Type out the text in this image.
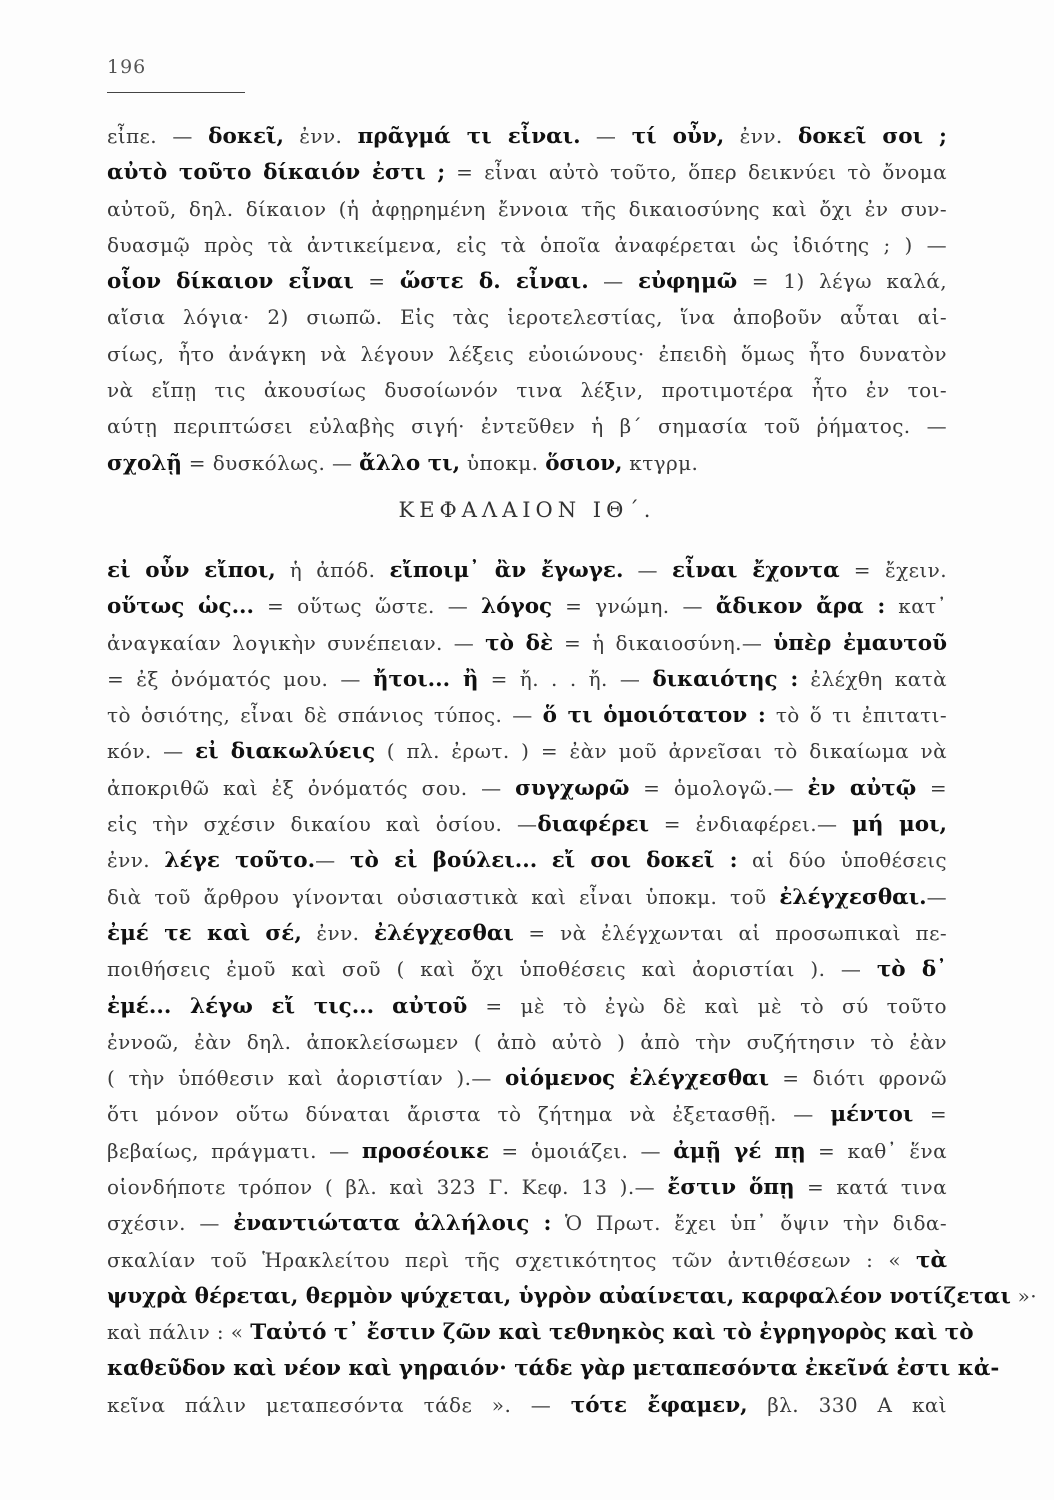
196
εἶπε. — δοκεῖ, ἐνν. πρᾶγμά τι εἶναι. — τί οὖν, ἐνν. δοκεῖ σοι ;
αὐτὸ τοῦτο δίκαιόν ἐστι ; = εἶναι αὐτὸ τοῦτο, ὅπερ δεικνύει τὸ ὄνομα
αὐτοῦ, δηλ. δίκαιον (ἡ ἀφῃρημένη ἔννοια τῆς δικαιοσύνης καὶ ὄχι ἐν συν-
δυασμῷ πρὸς τὰ ἀντικείμενα, εἰς τὰ ὁποῖα ἀναφέρεται ὡς ἰδιότης ; ) —
οἷον δίκαιον εἶναι = ὥστε δ. εἶναι. — εὐφημῶ = 1) λέγω καλά,
αἴσια λόγια· 2) σιωπῶ. Εἰς τὰς ἱεροτελεστίας, ἵνα ἀποβοῦν αὗται αἰ-
σίως, ἦτο ἀνάγκη νὰ λέγουν λέξεις εὐοιώνους· ἐπειδὴ ὅμως ἦτο δυνατὸν
νὰ εἴπῃ τις ἀκουσίως δυσοίωνόν τινα λέξιν, προτιμοτέρα ἦτο ἐν τοι-
αύτῃ περιπτώσει εὐλαβὴς σιγή· ἐντεῦθεν ἡ β´ σημασία τοῦ ῥήματος. —
σχολῇ = δυσκόλως. — ἄλλο τι, ὑποκμ. ὅσιον, κτγρμ.
ΚΕΦΑΛΑΙΟΝ ΙΘ´.
εἰ οὖν εἴποι, ἡ ἀπόδ. εἴποιμ᾽ ἂν ἔγωγε. — εἶναι ἔχοντα = ἔχειν.
οὕτως ὡς... = οὕτως ὥστε. — λόγος = γνώμη. — ἄδικον ἄρα : κατ᾽
ἀναγκαίαν λογικὴν συνέπειαν. — τὸ δὲ = ἡ δικαιοσύνη.— ὑπὲρ ἐμαυτοῦ
= ἐξ ὀνόματός μου. — ἤτοι... ἢ = ἤ. . . ἤ. — δικαιότης : ἐλέχθη κατὰ
τὸ ὁσιότης, εἶναι δὲ σπάνιος τύπος. — ὅ τι ὁμοιότατον : τὸ ὅ τι ἐπιτατι-
κόν. — εἰ διακωλύεις ( πλ. ἐρωτ. ) = ἐὰν μοῦ ἀρνεῖσαι τὸ δικαίωμα νὰ
ἀποκριθῶ καὶ ἐξ ὀνόματός σου. — συγχωρῶ = ὁμολογῶ.— ἐν αὐτῷ =
εἰς τὴν σχέσιν δικαίου καὶ ὁσίου. —διαφέρει = ἐνδιαφέρει.— μή μοι,
ἐνν. λέγε τοῦτο.— τὸ εἰ βούλει... εἴ σοι δοκεῖ : αἱ δύο ὑποθέσεις
διὰ τοῦ ἄρθρου γίνονται οὐσιαστικὰ καὶ εἶναι ὑποκμ. τοῦ ἐλέγχεσθαι.—
ἐμέ τε καὶ σέ, ἐνν. ἐλέγχεσθαι = νὰ ἐλέγχωνται αἱ προσωπικαὶ πε-
ποιθήσεις ἐμοῦ καὶ σοῦ ( καὶ ὄχι ὑποθέσεις καὶ ἀοριστίαι ). — τὸ δ᾽
ἐμέ... λέγω εἴ τις... αὐτοῦ = μὲ τὸ ἐγὼ δὲ καὶ μὲ τὸ σύ τοῦτο
ἐννοῶ, ἐὰν δηλ. ἀποκλείσωμεν ( ἀπὸ αὐτὸ ) ἀπὸ τὴν συζήτησιν τὸ ἐὰν
( τὴν ὑπόθεσιν καὶ ἀοριστίαν ).— οἰόμενος ἐλέγχεσθαι = διότι φρονῶ
ὅτι μόνον οὕτω δύναται ἄριστα τὸ ζήτημα νὰ ἐξετασθῇ. — μέντοι =
βεβαίως, πράγματι. — προσέοικε = ὁμοιάζει. — ἀμῇ γέ πῃ = καθ᾽ ἕνα
οἱονδήποτε τρόπον ( βλ. καὶ 323 Γ. Κεφ. 13 ).— ἔστιν ὅπῃ = κατά τινα
σχέσιν. — ἐναντιώτατα ἀλλήλοις : Ὁ Πρωτ. ἔχει ὑπ᾽ ὄψιν τὴν διδα-
σκαλίαν τοῦ Ἡρακλείτου περὶ τῆς σχετικότητος τῶν ἀντιθέσεων : « τὰ
ψυχρὰ θέρεται, θερμὸν ψύχεται, ὑγρὸν αὐαίνεται, καρφαλέον νοτίζεται »·
καὶ πάλιν : « Ταὐτό τ᾽ ἔστιν ζῶν καὶ τεθνηκὸς καὶ τὸ ἐγρηγορὸς καὶ τὸ
καθεῦδον καὶ νέον καὶ γηραιόν· τάδε γὰρ μεταπεσόντα ἐκεῖνά ἐστι κἀ-
κεῖνα πάλιν μεταπεσόντα τάδε ». — τότε ἔφαμεν, βλ. 330 Α καὶ
